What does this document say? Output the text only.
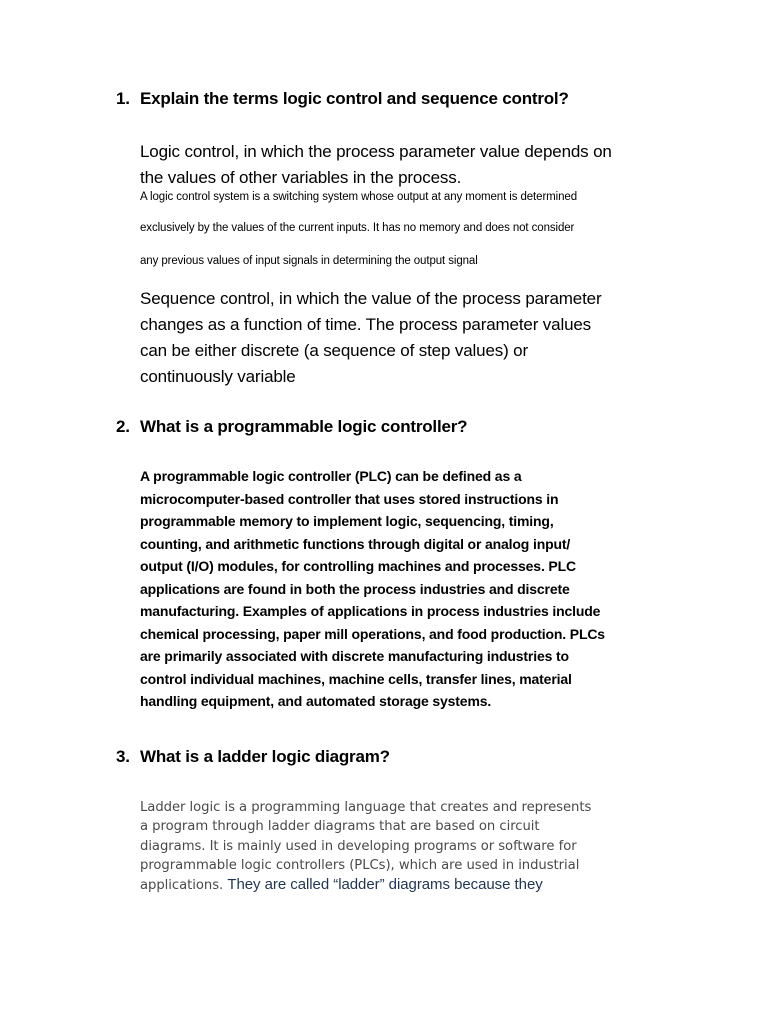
1. Explain the terms logic control and sequence control?
Logic control, in which the process parameter value depends on
the values of other variables in the process.
A logic control system is a switching system whose output at any moment is determined
exclusively by the values of the current inputs. It has no memory and does not consider
any previous values of input signals in determining the output signal
Sequence control, in which the value of the process parameter
changes as a function of time. The process parameter values
can be either discrete (a sequence of step values) or
continuously variable
2. What is a programmable logic controller?
A programmable logic controller (PLC) can be defined as a
microcomputer-based controller that uses stored instructions in
programmable memory to implement logic, sequencing, timing,
counting, and arithmetic functions through digital or analog input/
output (I/O) modules, for controlling machines and processes. PLC
applications are found in both the process industries and discrete
manufacturing. Examples of applications in process industries include
chemical processing, paper mill operations, and food production. PLCs
are primarily associated with discrete manufacturing industries to
control individual machines, machine cells, transfer lines, material
handling equipment, and automated storage systems.
3. What is a ladder logic diagram?
Ladder logic is a programming language that creates and represents
a program through ladder diagrams that are based on circuit
diagrams. It is mainly used in developing programs or software for
programmable logic controllers (PLCs), which are used in industrial
applications. They are called “ladder” diagrams because they
